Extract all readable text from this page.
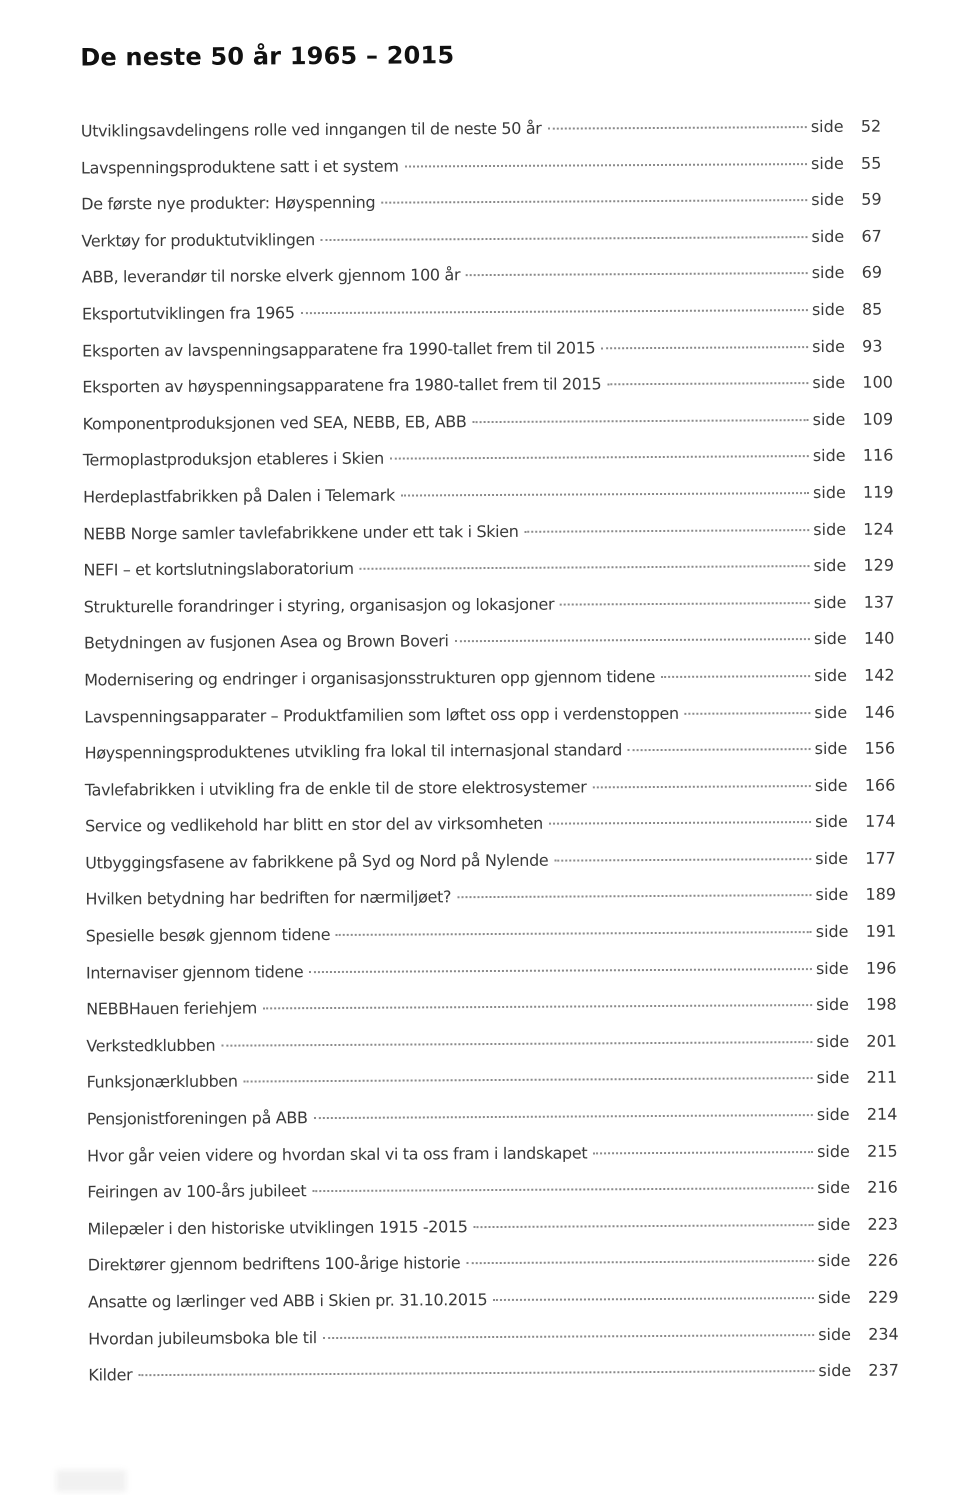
De neste 50 år 1965 – 2015
Utviklingsavdelingens rolle ved inngangen til de neste 50 år	side	52
Lavspenningsproduktene satt i et system	side	55
De første nye produkter: Høyspenning	side	59
Verktøy for produktutviklingen	side	67
ABB, leverandør til norske elverk gjennom 100 år	side	69
Eksportutviklingen fra 1965	side	85
Eksporten av lavspenningsapparatene fra 1990-tallet frem til 2015	side	93
Eksporten av høyspenningsapparatene fra 1980-tallet frem til 2015	side	100
Komponentproduksjonen ved SEA, NEBB, EB, ABB	side	109
Termoplastproduksjon etableres i Skien	side	116
Herdeplastfabrikken på Dalen i Telemark	side	119
NEBB Norge samler tavlefabrikkene under ett tak i Skien	side	124
NEFI – et kortslutningslaboratorium	side	129
Strukturelle forandringer i styring, organisasjon og lokasjoner	side	137
Betydningen av fusjonen Asea og Brown Boveri	side	140
Modernisering og endringer i organisasjonsstrukturen opp gjennom tidene	side	142
Lavspenningsapparater – Produktfamilien som løftet oss opp i verdenstoppen	side	146
Høyspenningsproduktenes utvikling fra lokal til internasjonal standard	side	156
Tavlefabrikken i utvikling fra de enkle til de store elektrosystemer	side	166
Service og vedlikehold har blitt en stor del av virksomheten	side	174
Utbyggingsfasene av fabrikkene på Syd og Nord på Nylende	side	177
Hvilken betydning har bedriften for nærmiljøet?	side	189
Spesielle besøk gjennom tidene	side	191
Internaviser gjennom tidene	side	196
NEBBHauen feriehjem	side	198
Verkstedklubben	side	201
Funksjonærklubben	side	211
Pensjonistforeningen på ABB	side	214
Hvor går veien videre og hvordan skal vi ta oss fram i landskapet	side	215
Feiringen av 100-års jubileet	side	216
Milepæler i den historiske utviklingen 1915 -2015	side	223
Direktører gjennom bedriftens 100-årige historie	side	226
Ansatte og lærlinger ved ABB i Skien pr. 31.10.2015	side	229
Hvordan jubileumsboka ble til	side	234
Kilder	side	237
